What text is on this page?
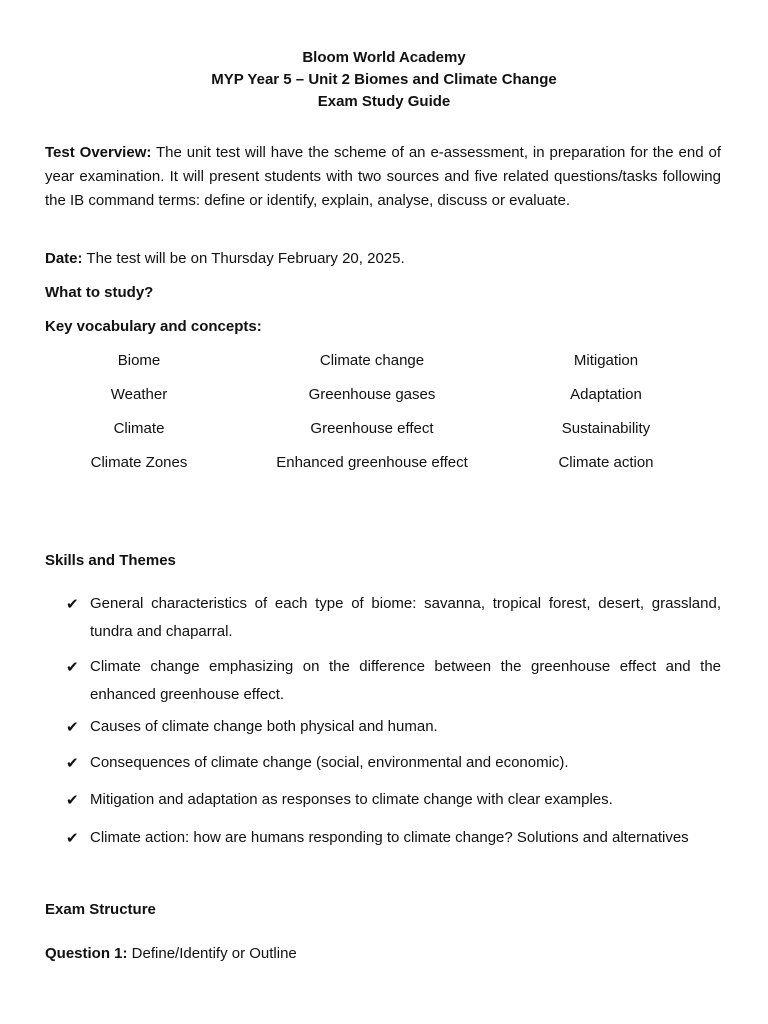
Bloom World Academy
MYP Year 5 – Unit 2 Biomes and Climate Change
Exam Study Guide
Test Overview: The unit test will have the scheme of an e-assessment, in preparation for the end of year examination. It will present students with two sources and five related questions/tasks following the IB command terms: define or identify, explain, analyse, discuss or evaluate.
Date: The test will be on Thursday February 20, 2025.
What to study?
Key vocabulary and concepts:
Biome	Climate change	Mitigation
Weather	Greenhouse gases	Adaptation
Climate	Greenhouse effect	Sustainability
Climate Zones	Enhanced greenhouse effect	Climate action
Skills and Themes
✔ General characteristics of each type of biome: savanna, tropical forest, desert, grassland, tundra and chaparral.
✔ Climate change emphasizing on the difference between the greenhouse effect and the enhanced greenhouse effect.
✔ Causes of climate change both physical and human.
✔ Consequences of climate change (social, environmental and economic).
✔ Mitigation and adaptation as responses to climate change with clear examples.
✔ Climate action: how are humans responding to climate change? Solutions and alternatives
Exam Structure
Question 1: Define/Identify or Outline
